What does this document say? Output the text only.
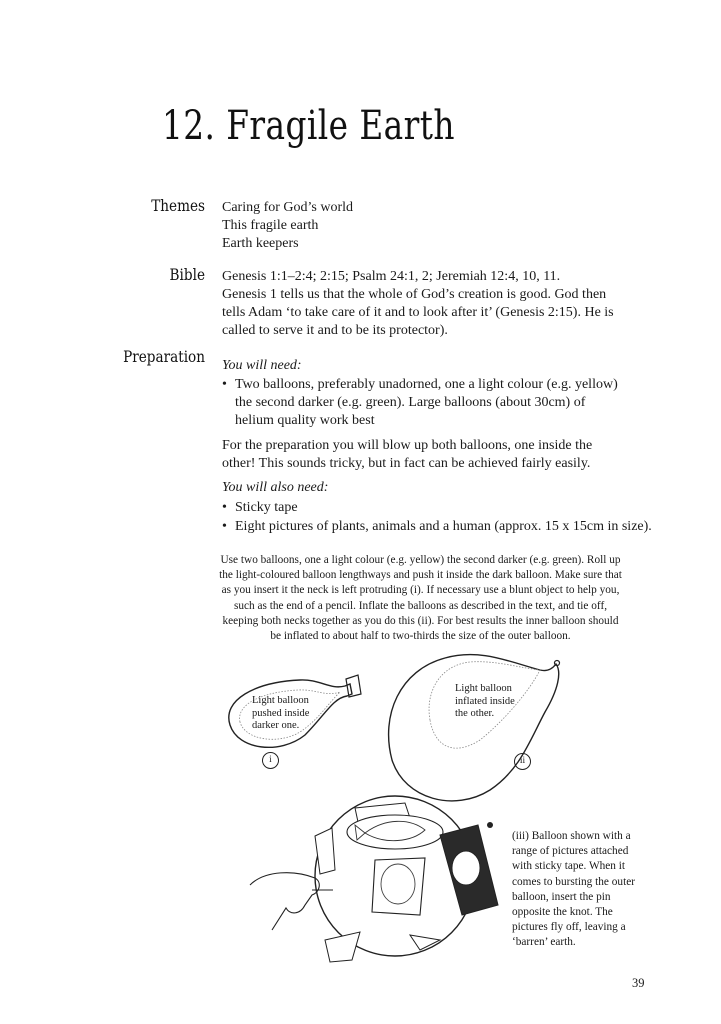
12. Fragile Earth
Themes Caring for God’s world

This fragile earth

Earth keepers

Bible Genesis 1:1–2:4; 2:15; Psalm 24:1, 2; Jeremiah 12:4, 10, 11.

Genesis 1 tells us that the whole of God’s creation is good. God then tells Adam ‘to take care of it and to look after it’ (Genesis 2:15). He is called to serve it and to be its protector).

Preparation You will need:

• Two balloons, preferably unadorned, one a light colour (e.g. yellow) the second darker (e.g. green). Large balloons (about 30cm) of helium quality work best

For the preparation you will blow up both balloons, one inside the other! This sounds tricky, but in fact can be achieved fairly easily.

You will also need:

• Sticky tape

• Eight pictures of plants, animals and a human (approx. 15 x 15cm in size).

Use two balloons, one a light colour (e.g. yellow) the second darker (e.g. green). Roll up the light-coloured balloon lengthways and push it inside the dark balloon. Make sure that as you insert it the neck is left protruding (i). If necessary use a blunt object to help you, such as the end of a pencil. Inflate the balloons as described in the text, and tie off, keeping both necks together as you do this (ii). For best results the inner balloon should be inflated to about half to two-thirds the size of the outer balloon.
Light balloon pushed inside darker one.
i
Light balloon inflated inside the other.
ii
(iii) Balloon shown with a range of pictures attached with sticky tape. When it comes to bursting the outer balloon, insert the pin opposite the knot. The pictures fly off, leaving a ‘barren’ earth.
39
